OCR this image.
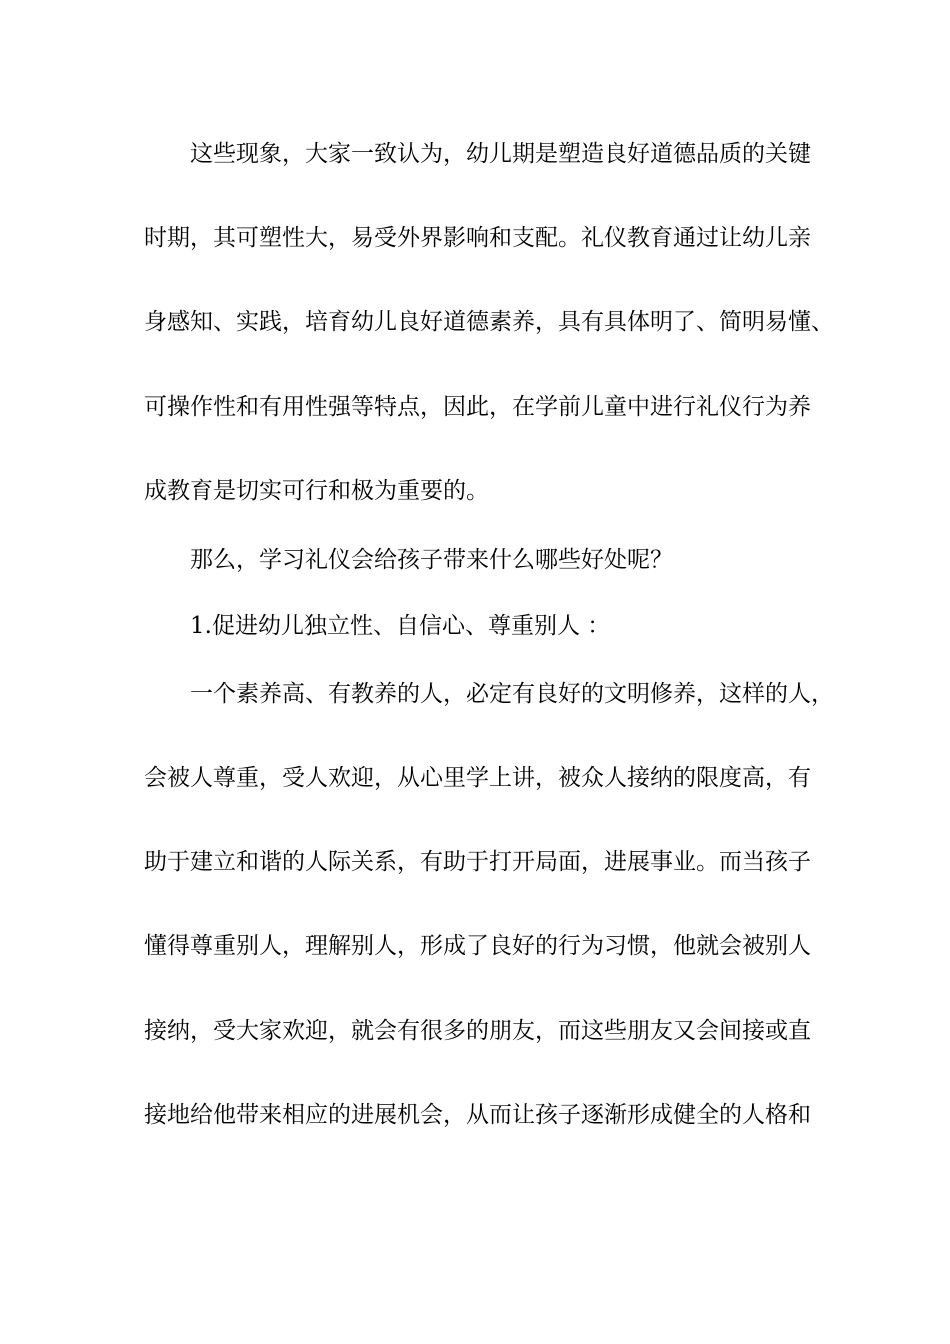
这些现象，大家一致认为，幼儿期是塑造良好道德品质的关键
时期，其可塑性大，易受外界影响和支配。礼仪教育通过让幼儿亲
身感知、实践，培育幼儿良好道德素养，具有具体明了、简明易懂、
可操作性和有用性强等特点，因此，在学前儿童中进行礼仪行为养
成教育是切实可行和极为重要的。
那么，学习礼仪会给孩子带来什么哪些好处呢？
1.促进幼儿独立性、自信心、尊重别人 ：
一个素养高、有教养的人，必定有良好的文明修养，这样的人，
会被人尊重，受人欢迎，从心里学上讲，被众人接纳的限度高，有
助于建立和谐的人际关系，有助于打开局面，进展事业。而当孩子
懂得尊重别人，理解别人，形成了良好的行为习惯，他就会被别人
接纳，受大家欢迎，就会有很多的朋友，而这些朋友又会间接或直
接地给他带来相应的进展机会，从而让孩子逐渐形成健全的人格和
